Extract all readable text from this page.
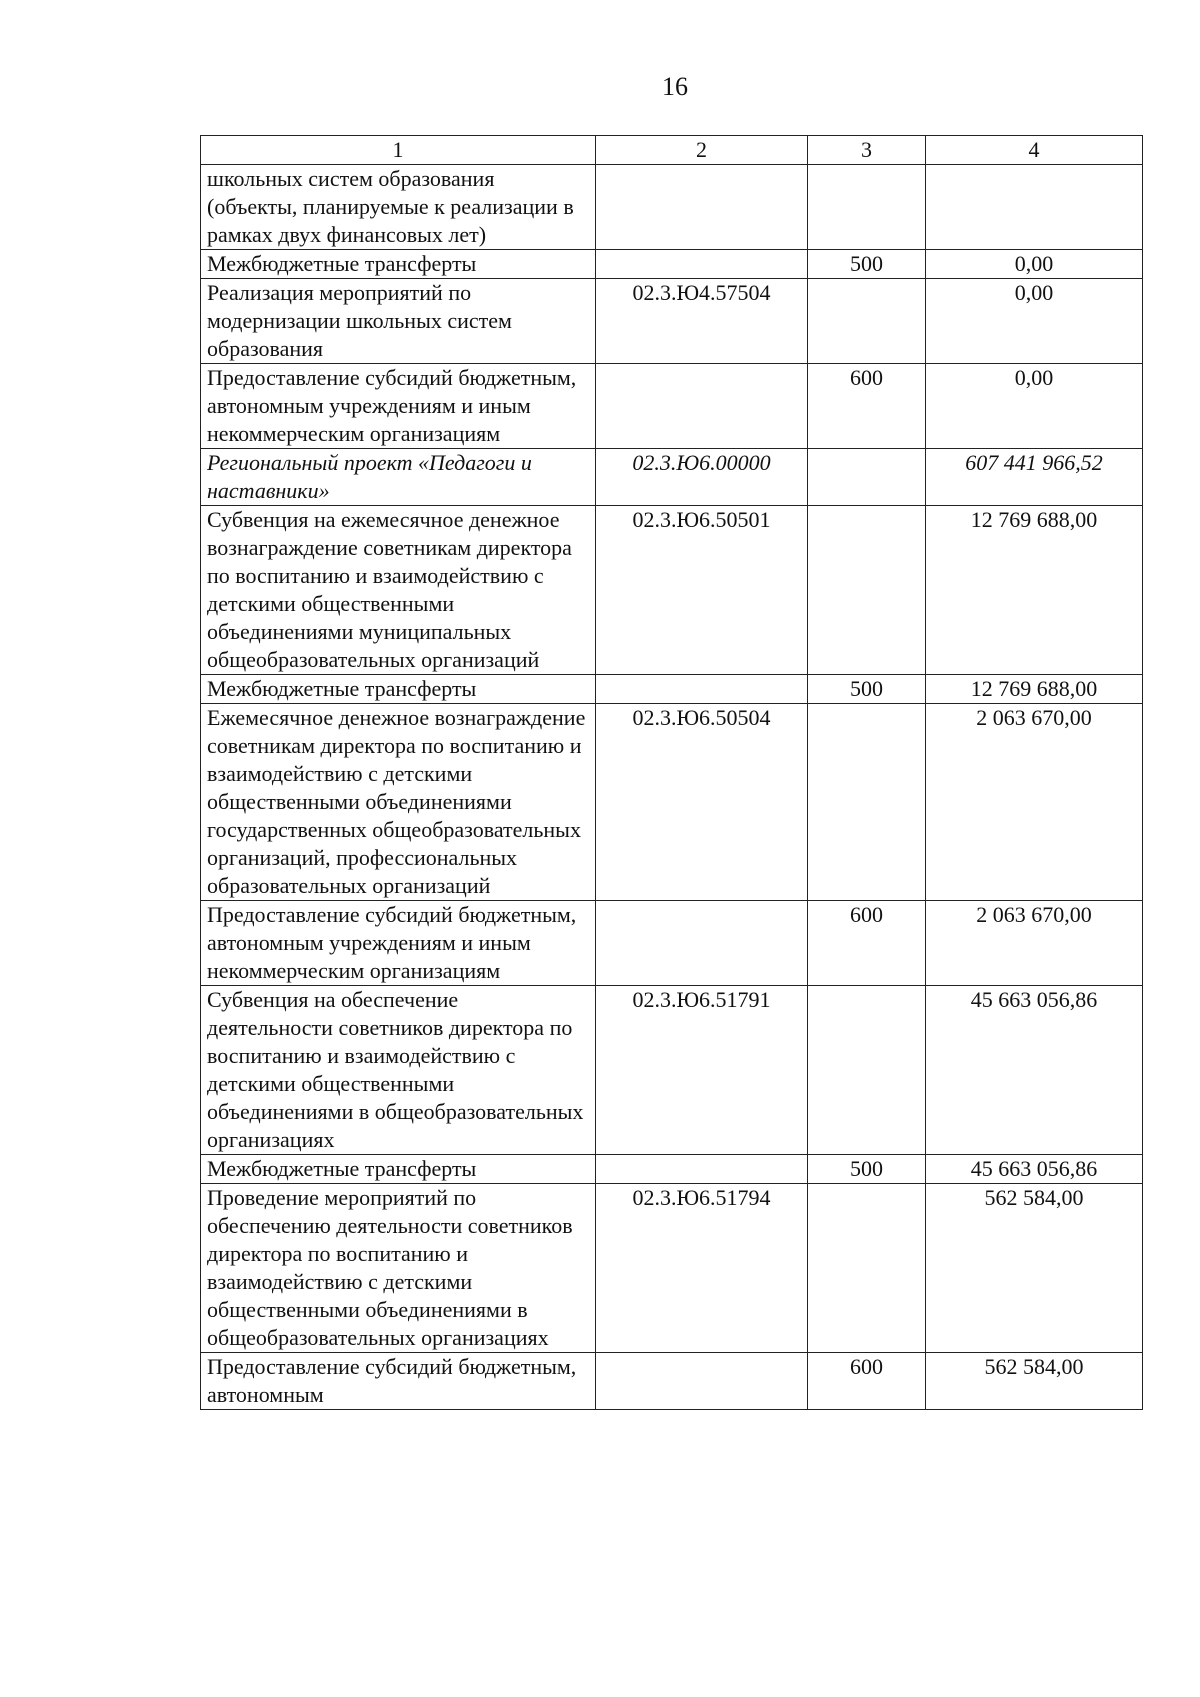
16
1	2	3	4
школьных систем образования (объекты, планируемые к реализации в рамках двух финансовых лет)			
Межбюджетные трансферты		500	0,00
Реализация мероприятий по модернизации школьных систем образования	02.3.Ю4.57504		0,00
Предоставление субсидий бюджетным, автономным учреждениям и иным некоммерческим организациям		600	0,00
Региональный проект «Педагоги и наставники»	02.3.Ю6.00000		607 441 966,52
Субвенция на ежемесячное денежное вознаграждение советникам директора по воспитанию и взаимодействию с детскими общественными объединениями муниципальных общеобразовательных организаций	02.3.Ю6.50501		12 769 688,00
Межбюджетные трансферты		500	12 769 688,00
Ежемесячное денежное вознаграждение советникам директора по воспитанию и взаимодействию с детскими общественными объединениями государственных общеобразовательных организаций, профессиональных образовательных организаций	02.3.Ю6.50504		2 063 670,00
Предоставление субсидий бюджетным, автономным учреждениям и иным некоммерческим организациям		600	2 063 670,00
Субвенция на обеспечение деятельности советников директора по воспитанию и взаимодействию с детскими общественными объединениями в общеобразовательных организациях	02.3.Ю6.51791		45 663 056,86
Межбюджетные трансферты		500	45 663 056,86
Проведение мероприятий по обеспечению деятельности советников директора по воспитанию и взаимодействию с детскими общественными объединениями в общеобразовательных организациях	02.3.Ю6.51794		562 584,00
Предоставление субсидий бюджетным, автономным		600	562 584,00
